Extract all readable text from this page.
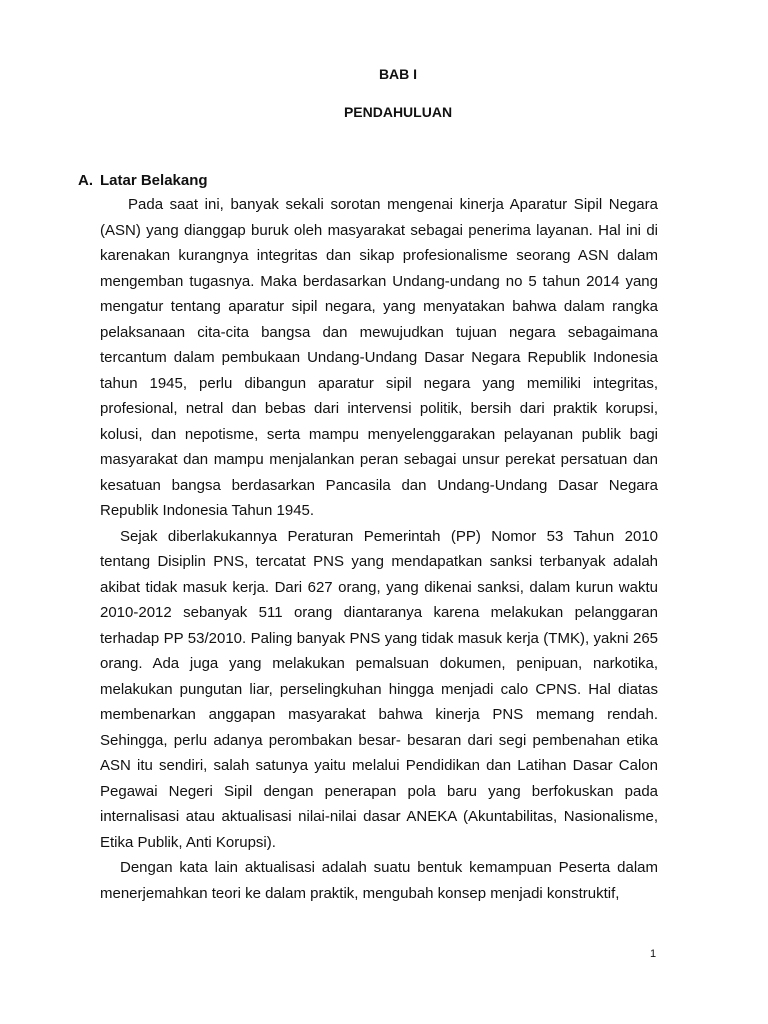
BAB I
PENDAHULUAN
A. Latar Belakang

Pada saat ini, banyak sekali sorotan mengenai kinerja Aparatur Sipil Negara (ASN) yang dianggap buruk oleh masyarakat sebagai penerima layanan. Hal ini di karenakan kurangnya integritas dan sikap profesionalisme seorang ASN dalam mengemban tugasnya. Maka berdasarkan Undang-undang no 5 tahun 2014 yang mengatur tentang aparatur sipil negara, yang menyatakan bahwa dalam rangka pelaksanaan cita-cita bangsa dan mewujudkan tujuan negara sebagaimana tercantum dalam pembukaan Undang-Undang Dasar Negara Republik Indonesia tahun 1945, perlu dibangun aparatur sipil negara yang memiliki integritas, profesional, netral dan bebas dari intervensi politik, bersih dari praktik korupsi, kolusi, dan nepotisme, serta mampu menyelenggarakan pelayanan publik bagi masyarakat dan mampu menjalankan peran sebagai unsur perekat persatuan dan kesatuan bangsa berdasarkan Pancasila dan Undang-Undang Dasar Negara Republik Indonesia Tahun 1945.

Sejak diberlakukannya Peraturan Pemerintah (PP) Nomor 53 Tahun 2010 tentang Disiplin PNS, tercatat PNS yang mendapatkan sanksi terbanyak adalah akibat tidak masuk kerja. Dari 627 orang, yang dikenai sanksi, dalam kurun waktu 2010-2012 sebanyak 511 orang diantaranya karena melakukan pelanggaran terhadap PP 53/2010. Paling banyak PNS yang tidak masuk kerja (TMK), yakni 265 orang. Ada juga yang melakukan pemalsuan dokumen, penipuan, narkotika, melakukan pungutan liar, perselingkuhan hingga menjadi calo CPNS. Hal diatas membenarkan anggapan masyarakat bahwa kinerja PNS memang rendah. Sehingga, perlu adanya perombakan besar- besaran dari segi pembenahan etika ASN itu sendiri, salah satunya yaitu melalui Pendidikan dan Latihan Dasar Calon Pegawai Negeri Sipil dengan penerapan pola baru yang berfokuskan pada internalisasi atau aktualisasi nilai-nilai dasar ANEKA (Akuntabilitas, Nasionalisme, Etika Publik, Anti Korupsi).

Dengan kata lain aktualisasi adalah suatu bentuk kemampuan Peserta dalam menerjemahkan teori ke dalam praktik, mengubah konsep menjadi konstruktif,

1
